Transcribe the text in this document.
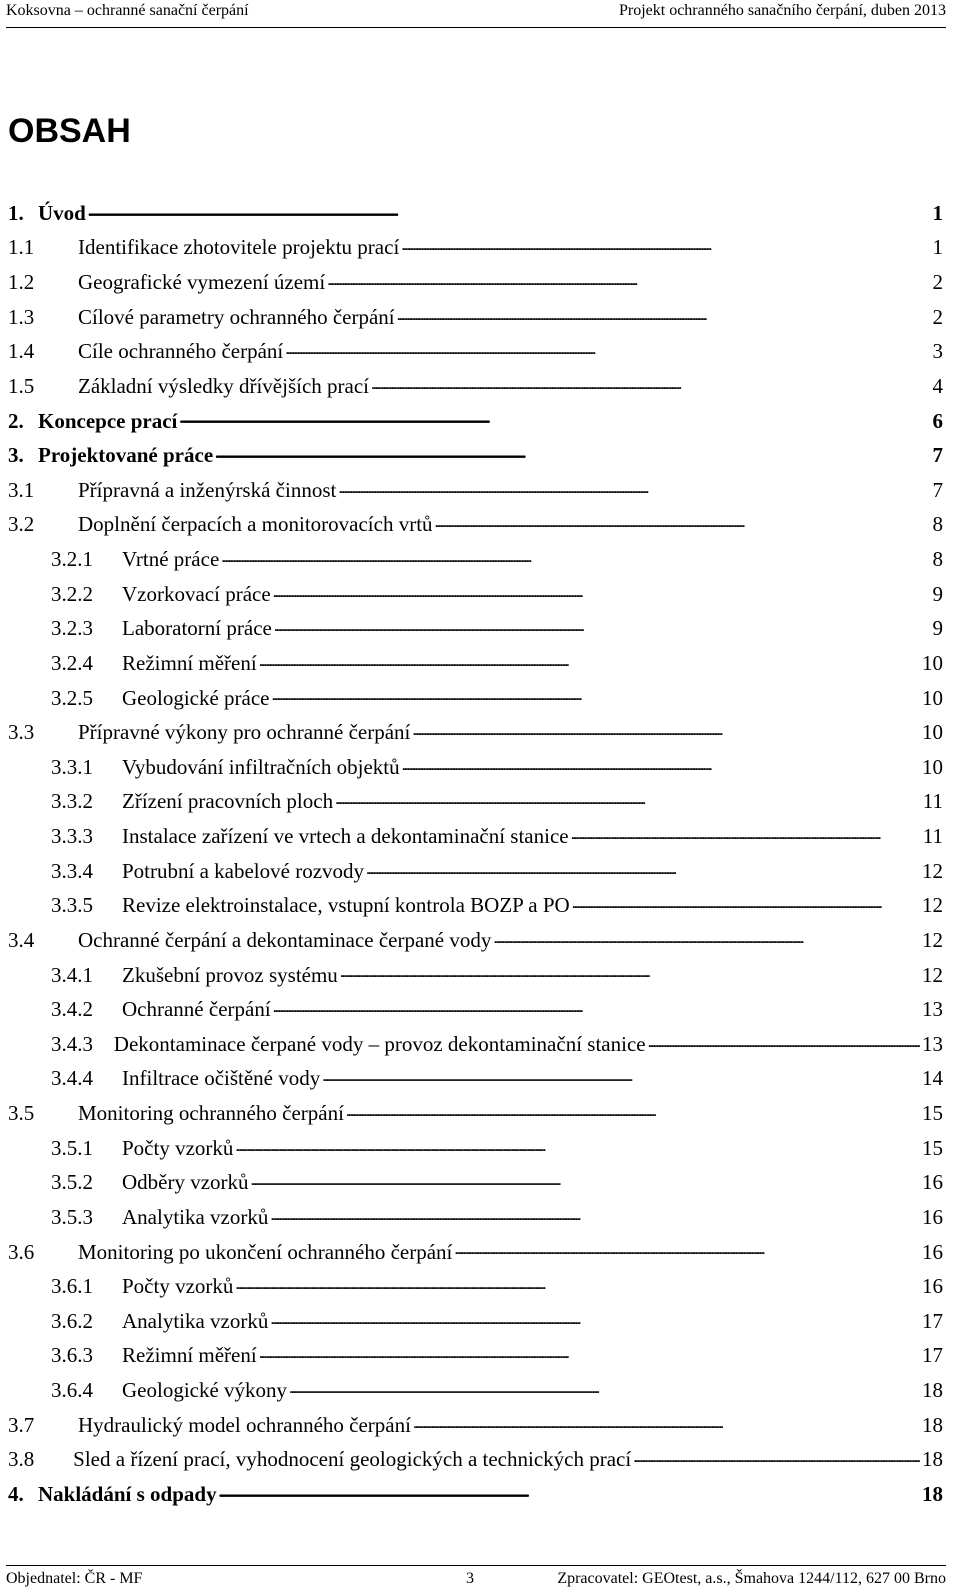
Koksovna – ochranné sanační čerpání	Projekt ochranného sanačního čerpání, duben 2013
OBSAH
1. Úvod . . .	1
1.1	Identifikace zhotovitele projektu prací . . .	1
1.2	Geografické vymezení území . . .	2
1.3	Cílové parametry ochranného čerpání . . .	2
1.4	Cíle ochranného čerpání . . .	3
1.5	Základní výsledky dřívějších prací . . .	4
2. Koncepce prací . . .	6
3. Projektované práce . . .	7
3.1	Přípravná a inženýrská činnost . . .	7
3.2	Doplnění čerpacích a monitorovacích vrtů . . .	8
3.2.1	Vrtné práce . . .	8
3.2.2	Vzorkovací práce . . .	9
3.2.3	Laboratorní práce . . .	9
3.2.4	Režimní měření . . .	10
3.2.5	Geologické práce . . .	10
3.3	Přípravné výkony pro ochranné čerpání . . .	10
3.3.1	Vybudování infiltračních objektů . . .	10
3.3.2	Zřízení pracovních ploch . . .	11
3.3.3	Instalace zařízení ve vrtech a dekontaminační stanice . . .	11
3.3.4	Potrubní a kabelové rozvody . . .	12
3.3.5	Revize elektroinstalace, vstupní kontrola BOZP a PO . . .	12
3.4	Ochranné čerpání a dekontaminace čerpané vody . . .	12
3.4.1	Zkušební provoz systému . . .	12
3.4.2	Ochranné čerpání . . .	13
3.4.3 Dekontaminace čerpané vody – provoz dekontaminační stanice . . .	13
3.4.4	Infiltrace očištěné vody . . .	14
3.5	Monitoring ochranného čerpání . . .	15
3.5.1	Počty vzorků . . .	15
3.5.2	Odběry vzorků . . .	16
3.5.3	Analytika vzorků . . .	16
3.6	Monitoring po ukončení ochranného čerpání . . .	16
3.6.1	Počty vzorků . . .	16
3.6.2	Analytika vzorků . . .	17
3.6.3	Režimní měření . . .	17
3.6.4	Geologické výkony . . .	18
3.7	Hydraulický model ochranného čerpání . . .	18
3.8	Sled a řízení prací, vyhodnocení geologických a technických prací . . .	18
4. Nakládání s odpady . . .	18
Objednatel: ČR - MF	3	Zpracovatel: GEOtest, a.s., Šmahova 1244/112, 627 00 Brno
